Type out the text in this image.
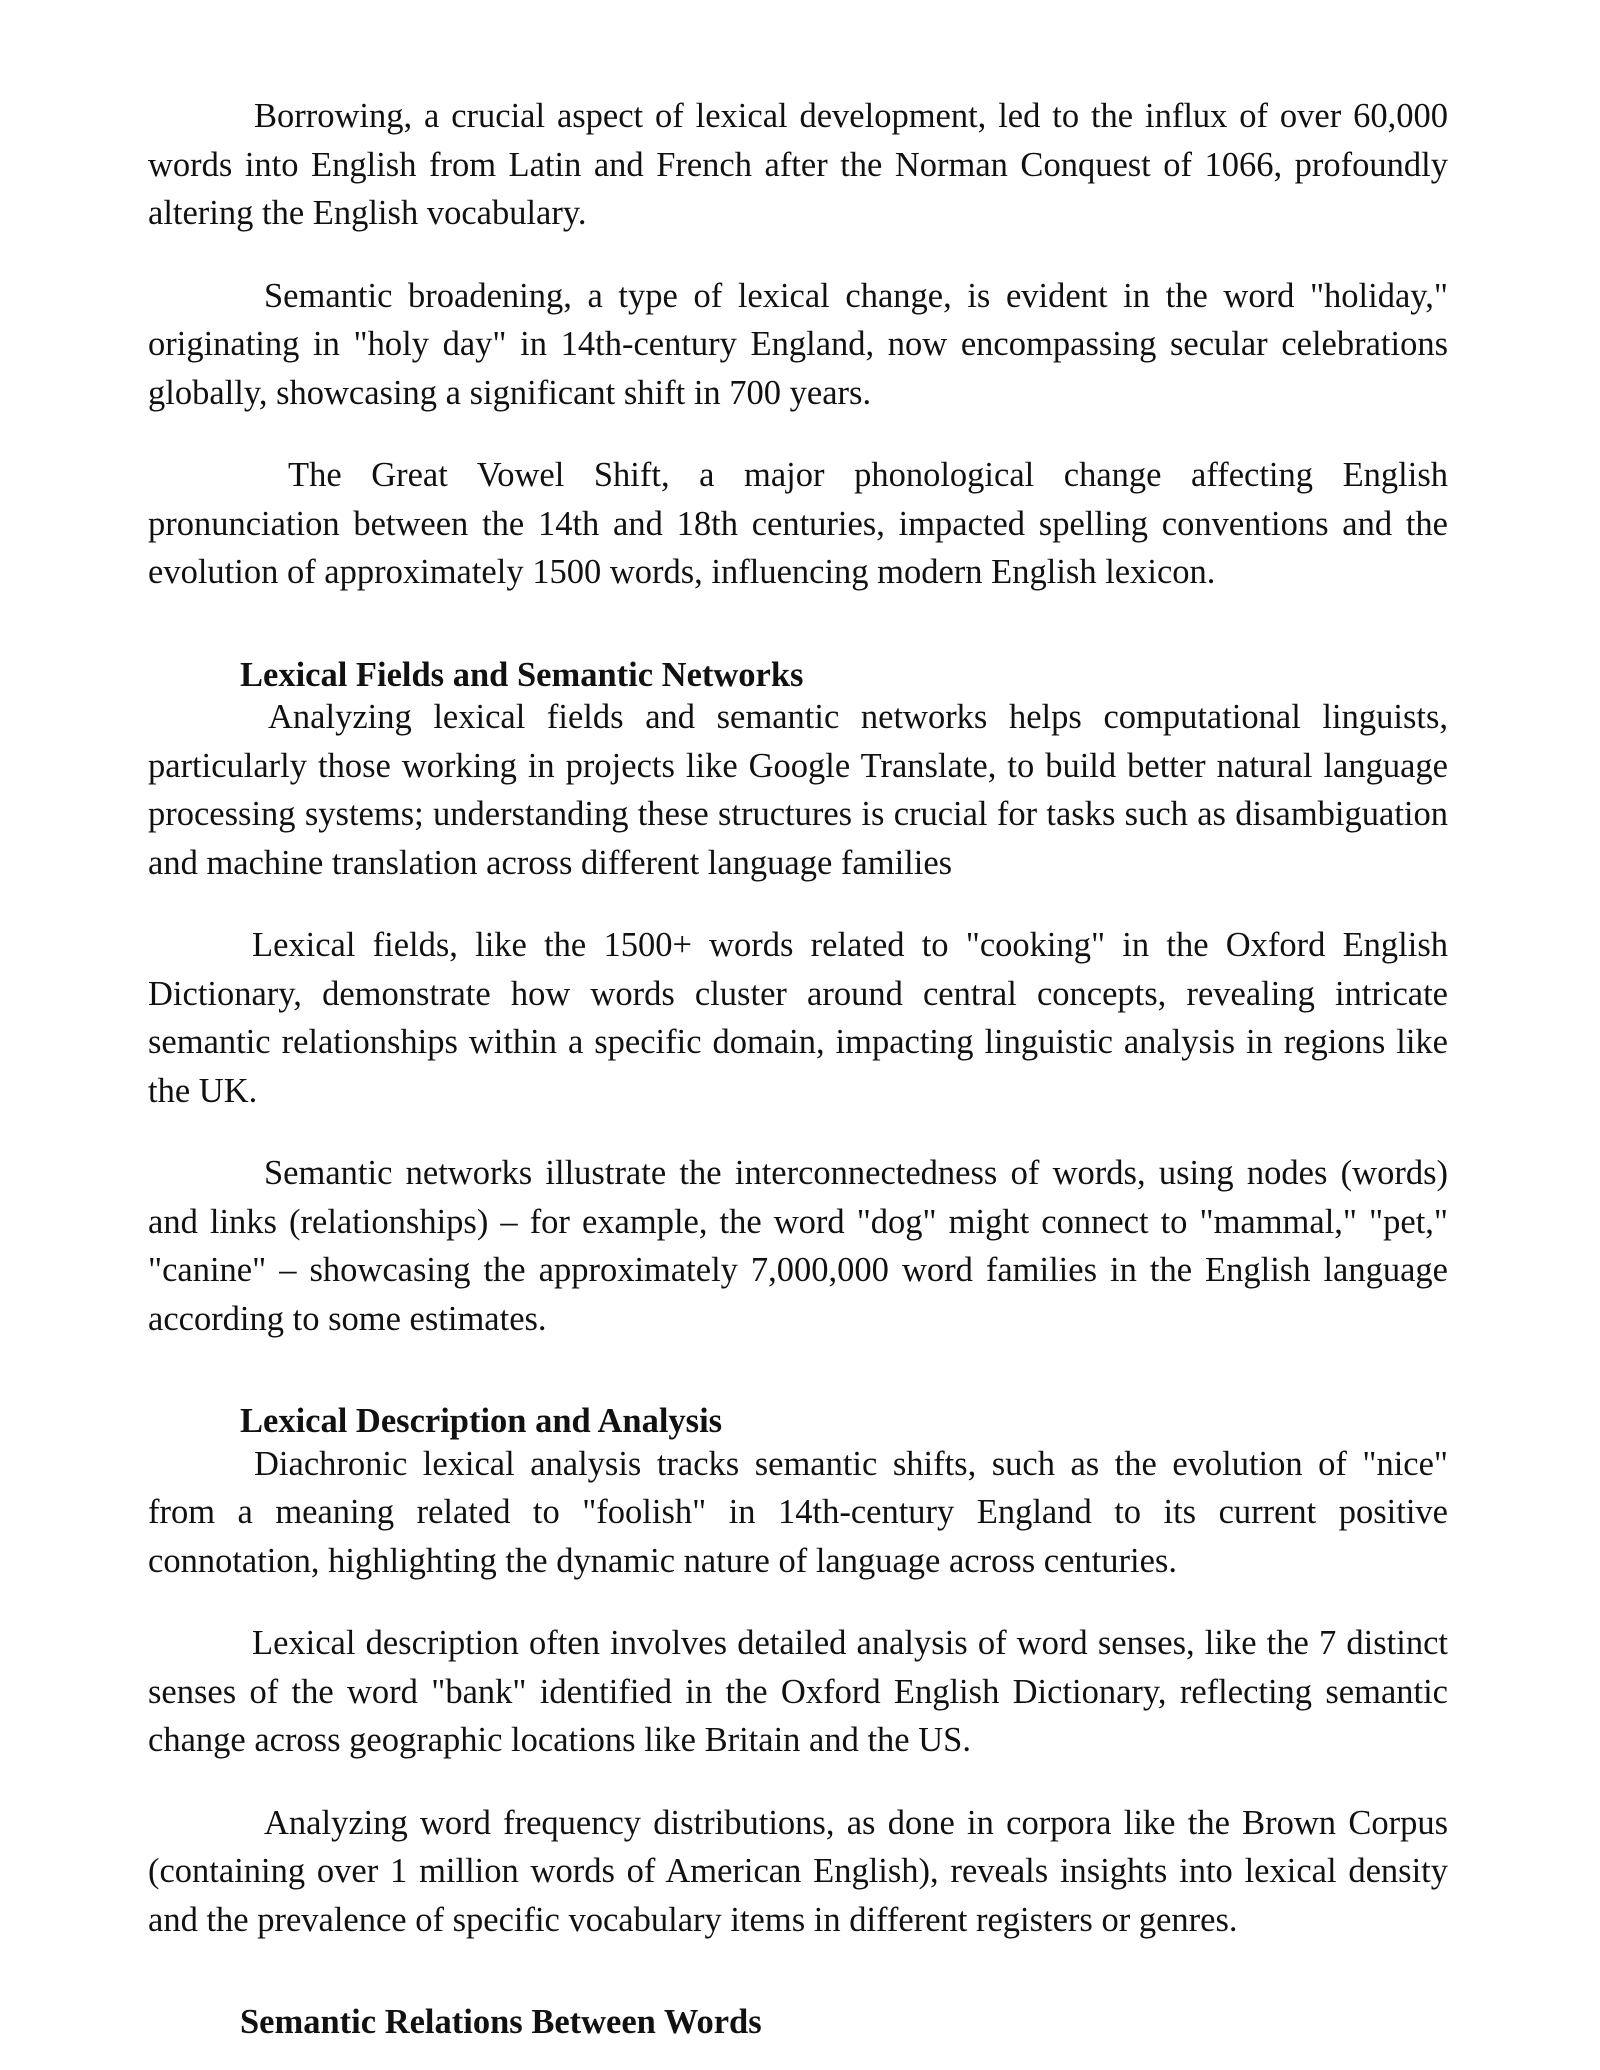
Borrowing, a crucial aspect of lexical development, led to the influx of over 60,000 words into English from Latin and French after the Norman Conquest of 1066, profoundly altering the English vocabulary.

Semantic broadening, a type of lexical change, is evident in the word "holiday," originating in "holy day" in 14th-century England, now encompassing secular celebrations globally, showcasing a significant shift in 700 years.

The Great Vowel Shift, a major phonological change affecting English pronunciation between the 14th and 18th centuries, impacted spelling conventions and the evolution of approximately 1500 words, influencing modern English lexicon.

Lexical Fields and Semantic Networks

Analyzing lexical fields and semantic networks helps computational linguists, particularly those working in projects like Google Translate, to build better natural language processing systems; understanding these structures is crucial for tasks such as disambiguation and machine translation across different language families

Lexical fields, like the 1500+ words related to "cooking" in the Oxford English Dictionary, demonstrate how words cluster around central concepts, revealing intricate semantic relationships within a specific domain, impacting linguistic analysis in regions like the UK.

Semantic networks illustrate the interconnectedness of words, using nodes (words) and links (relationships) – for example, the word "dog" might connect to "mammal," "pet," "canine" – showcasing the approximately 7,000,000 word families in the English language according to some estimates.

Lexical Description and Analysis

Diachronic lexical analysis tracks semantic shifts, such as the evolution of "nice" from a meaning related to "foolish" in 14th-century England to its current positive connotation, highlighting the dynamic nature of language across centuries.

Lexical description often involves detailed analysis of word senses, like the 7 distinct senses of the word "bank" identified in the Oxford English Dictionary, reflecting semantic change across geographic locations like Britain and the US.

Analyzing word frequency distributions, as done in corpora like the Brown Corpus (containing over 1 million words of American English), reveals insights into lexical density and the prevalence of specific vocabulary items in different registers or genres.

Semantic Relations Between Words
